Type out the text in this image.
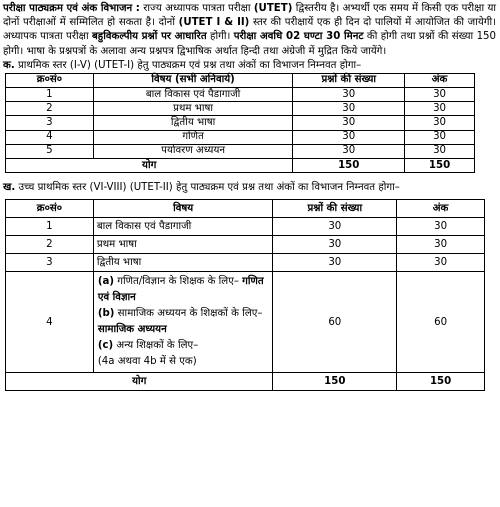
परीक्षा पाठ्यक्रम एवं अंक विभाजन : राज्य अध्यापक पात्रता परीक्षा (UTET) द्विस्तरीय है। अभ्यर्थी एक समय में किसी एक परीक्षा या दोनों परीक्षाओं में सम्मिलित हो सकता है। दोनों (UTET I & II) स्तर की परीक्षायें एक ही दिन दो पालियों में आयोजित की जायेगी। अध्यापक पात्रता परीक्षा बहुविकल्पीय प्रश्नों पर आधारित होगी। परीक्षा अवधि 02 घण्टा 30 मिनट की होगी तथा प्रश्नों की संख्या 150 होगी। भाषा के प्रश्नपत्रों के अलावा अन्य प्रश्नपत्र द्विभाषिक अर्थात हिन्दी तथा अंग्रेजी में मुद्रित किये जायेंगे।

क. प्राथमिक स्तर (I-V) (UTET-I) हेतु पाठ्यक्रम एवं प्रश्न तथा अंकों का विभाजन निम्नवत होगा–

क्र०सं०	विषय (सभी अनिवार्य)	प्रश्नों की संख्या	अंक
1	बाल विकास एवं पैडागाजी	30	30
2	प्रथम भाषा	30	30
3	द्वितीय भाषा	30	30
4	गणित	30	30
5	पर्यावरण अध्ययन	30	30
योग		150	150

ख. उच्च प्राथमिक स्तर (VI-VIII) (UTET-II) हेतु पाठ्यक्रम एवं प्रश्न तथा अंकों का विभाजन निम्नवत होगा–

क्र०सं०	विषय	प्रश्नों की संख्या	अंक
1	बाल विकास एवं पैडागाजी	30	30
2	प्रथम भाषा	30	30
3	द्वितीय भाषा	30	30
4	(a) गणित/विज्ञान के शिक्षक के लिए– गणित एवं विज्ञान
(b) सामाजिक अध्ययन के शिक्षकों के लिए– सामाजिक अध्ययन
(c) अन्य शिक्षकों के लिए–
(4a अथवा 4b में से एक)	60	60
योग		150	150
